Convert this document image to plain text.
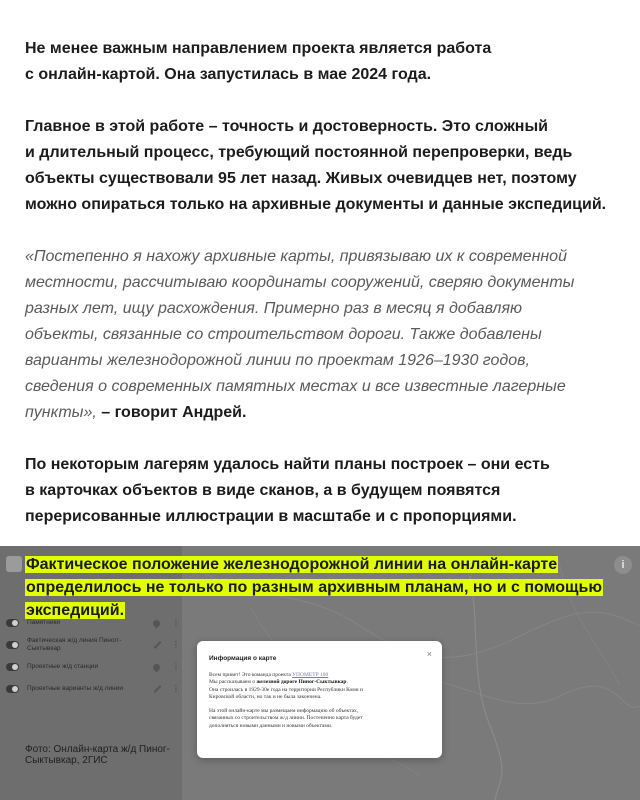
Не менее важным направлением проекта является работа
с онлайн-картой. Она запустилась в мае 2024 года.
Главное в этой работе – точность и достоверность. Это сложный
и длительный процесс, требующий постоянной перепроверки, ведь
объекты существовали 95 лет назад. Живых очевидцев нет, поэтому
можно опираться только на архивные документы и данные экспедиций.
«Постепенно я нахожу архивные карты, привязываю их к современной
местности, рассчитываю координаты сооружений, сверяю документы
разных лет, ищу расхождения. Примерно раз в месяц я добавляю
объекты, связанные со строительством дороги. Также добавлены
варианты железнодорожной линии по проектам 1926–1930 годов,
сведения о современных памятных местах и все известные лагерные
пункты», – говорит Андрей.
По некоторым лагерям удалось найти планы построек – они есть
в карточках объектов в виде сканов, а в будущем появятся
перерисованные иллюстрации в масштабе и с пропорциями.
i
Памятники	⋮
Фактическая ж/д линия Пиногг-Сыктывкар	⋮
Проектные ж/д станции	⋮
Проектные варианты ж/д линии	⋮
Фото: Онлайн-карта ж/д Пиног-Сыктывкар, 2ГИС
Фактическое положение железнодорожной линии на онлайн-карте
определилось не только по разным архивным планам, но и с помощью
экспедиций.
Информация о карте	×

Всем привет! Это команда проекта УПОМЕТР 100
Мы рассказываем о железной дороге Пиног-Сыктывкар.
Она строилась в 1929-30е года на территории Республики Коми и
Кировской области, но так и не была закончена.

На этой онлайн-карте мы размещаем информацию об объектах,
связанных со строительством ж/д линии. Постепенно карта будет
дополняться новыми данными и новыми объектами.
